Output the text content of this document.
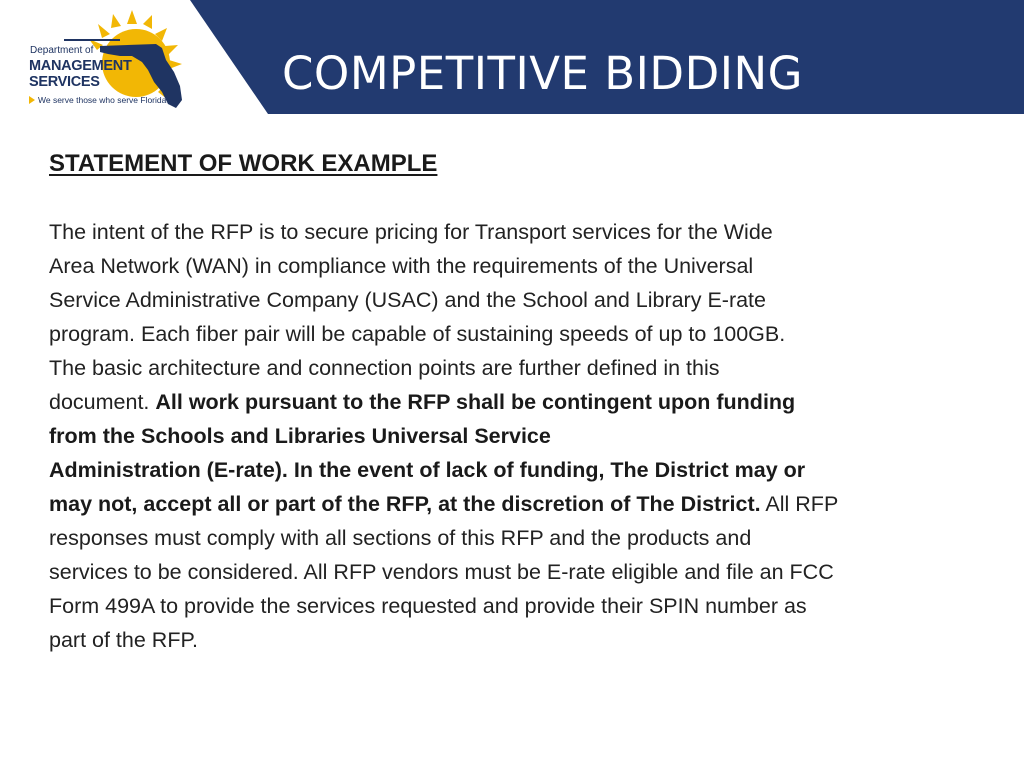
COMPETITIVE BIDDING
Department of
MANAGEMENT
SERVICES
We serve those who serve Florida
STATEMENT OF WORK EXAMPLE
The intent of the RFP is to secure pricing for Transport services for the Wide
Area Network (WAN) in compliance with the requirements of the Universal
Service Administrative Company (USAC) and the School and Library E-rate
program. Each fiber pair will be capable of sustaining speeds of up to 100GB.
The basic architecture and connection points are further defined in this
document. All work pursuant to the RFP shall be contingent upon funding
from the Schools and Libraries Universal Service
Administration (E-rate). In the event of lack of funding, The District may or
may not, accept all or part of the RFP, at the discretion of The District. All RFP
responses must comply with all sections of this RFP and the products and
services to be considered. All RFP vendors must be E-rate eligible and file an FCC
Form 499A to provide the services requested and provide their SPIN number as
part of the RFP.
